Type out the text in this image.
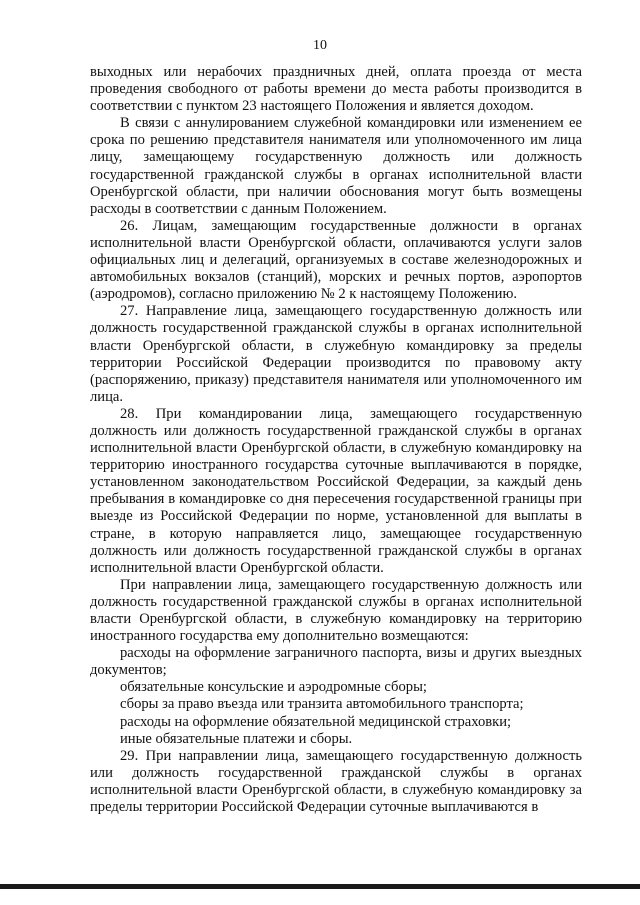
10

выходных или нерабочих праздничных дней, оплата проезда от места проведения свободного от работы времени до места работы производится в соответствии с пунктом 23 настоящего Положения и является доходом.

В связи с аннулированием служебной командировки или изменением ее срока по решению представителя нанимателя или уполномоченного им лица лицу, замещающему государственную должность или должность государственной гражданской службы в органах исполнительной власти Оренбургской области, при наличии обоснования могут быть возмещены расходы в соответствии с данным Положением.

26. Лицам, замещающим государственные должности в органах исполнительной власти Оренбургской области, оплачиваются услуги залов официальных лиц и делегаций, организуемых в составе железнодорожных и автомобильных вокзалов (станций), морских и речных портов, аэропортов (аэродромов), согласно приложению № 2 к настоящему Положению.

27. Направление лица, замещающего государственную должность или должность государственной гражданской службы в органах исполнительной власти Оренбургской области, в служебную командировку за пределы территории Российской Федерации производится по правовому акту (распоряжению, приказу) представителя нанимателя или уполномоченного им лица.

28. При командировании лица, замещающего государственную должность или должность государственной гражданской службы в органах исполнительной власти Оренбургской области, в служебную командировку на территорию иностранного государства суточные выплачиваются в порядке, установленном законодательством Российской Федерации, за каждый день пребывания в командировке со дня пересечения государственной границы при выезде из Российской Федерации по норме, установленной для выплаты в стране, в которую направляется лицо, замещающее государственную должность или должность государственной гражданской службы в органах исполнительной власти Оренбургской области.

При направлении лица, замещающего государственную должность или должность государственной гражданской службы в органах исполнительной власти Оренбургской области, в служебную командировку на территорию иностранного государства ему дополнительно возмещаются:

расходы на оформление заграничного паспорта, визы и других выездных документов;

обязательные консульские и аэродромные сборы;

сборы за право въезда или транзита автомобильного транспорта;

расходы на оформление обязательной медицинской страховки;

иные обязательные платежи и сборы.

29. При направлении лица, замещающего государственную должность или должность государственной гражданской службы в органах исполнительной власти Оренбургской области, в служебную командировку за пределы территории Российской Федерации суточные выплачиваются в
